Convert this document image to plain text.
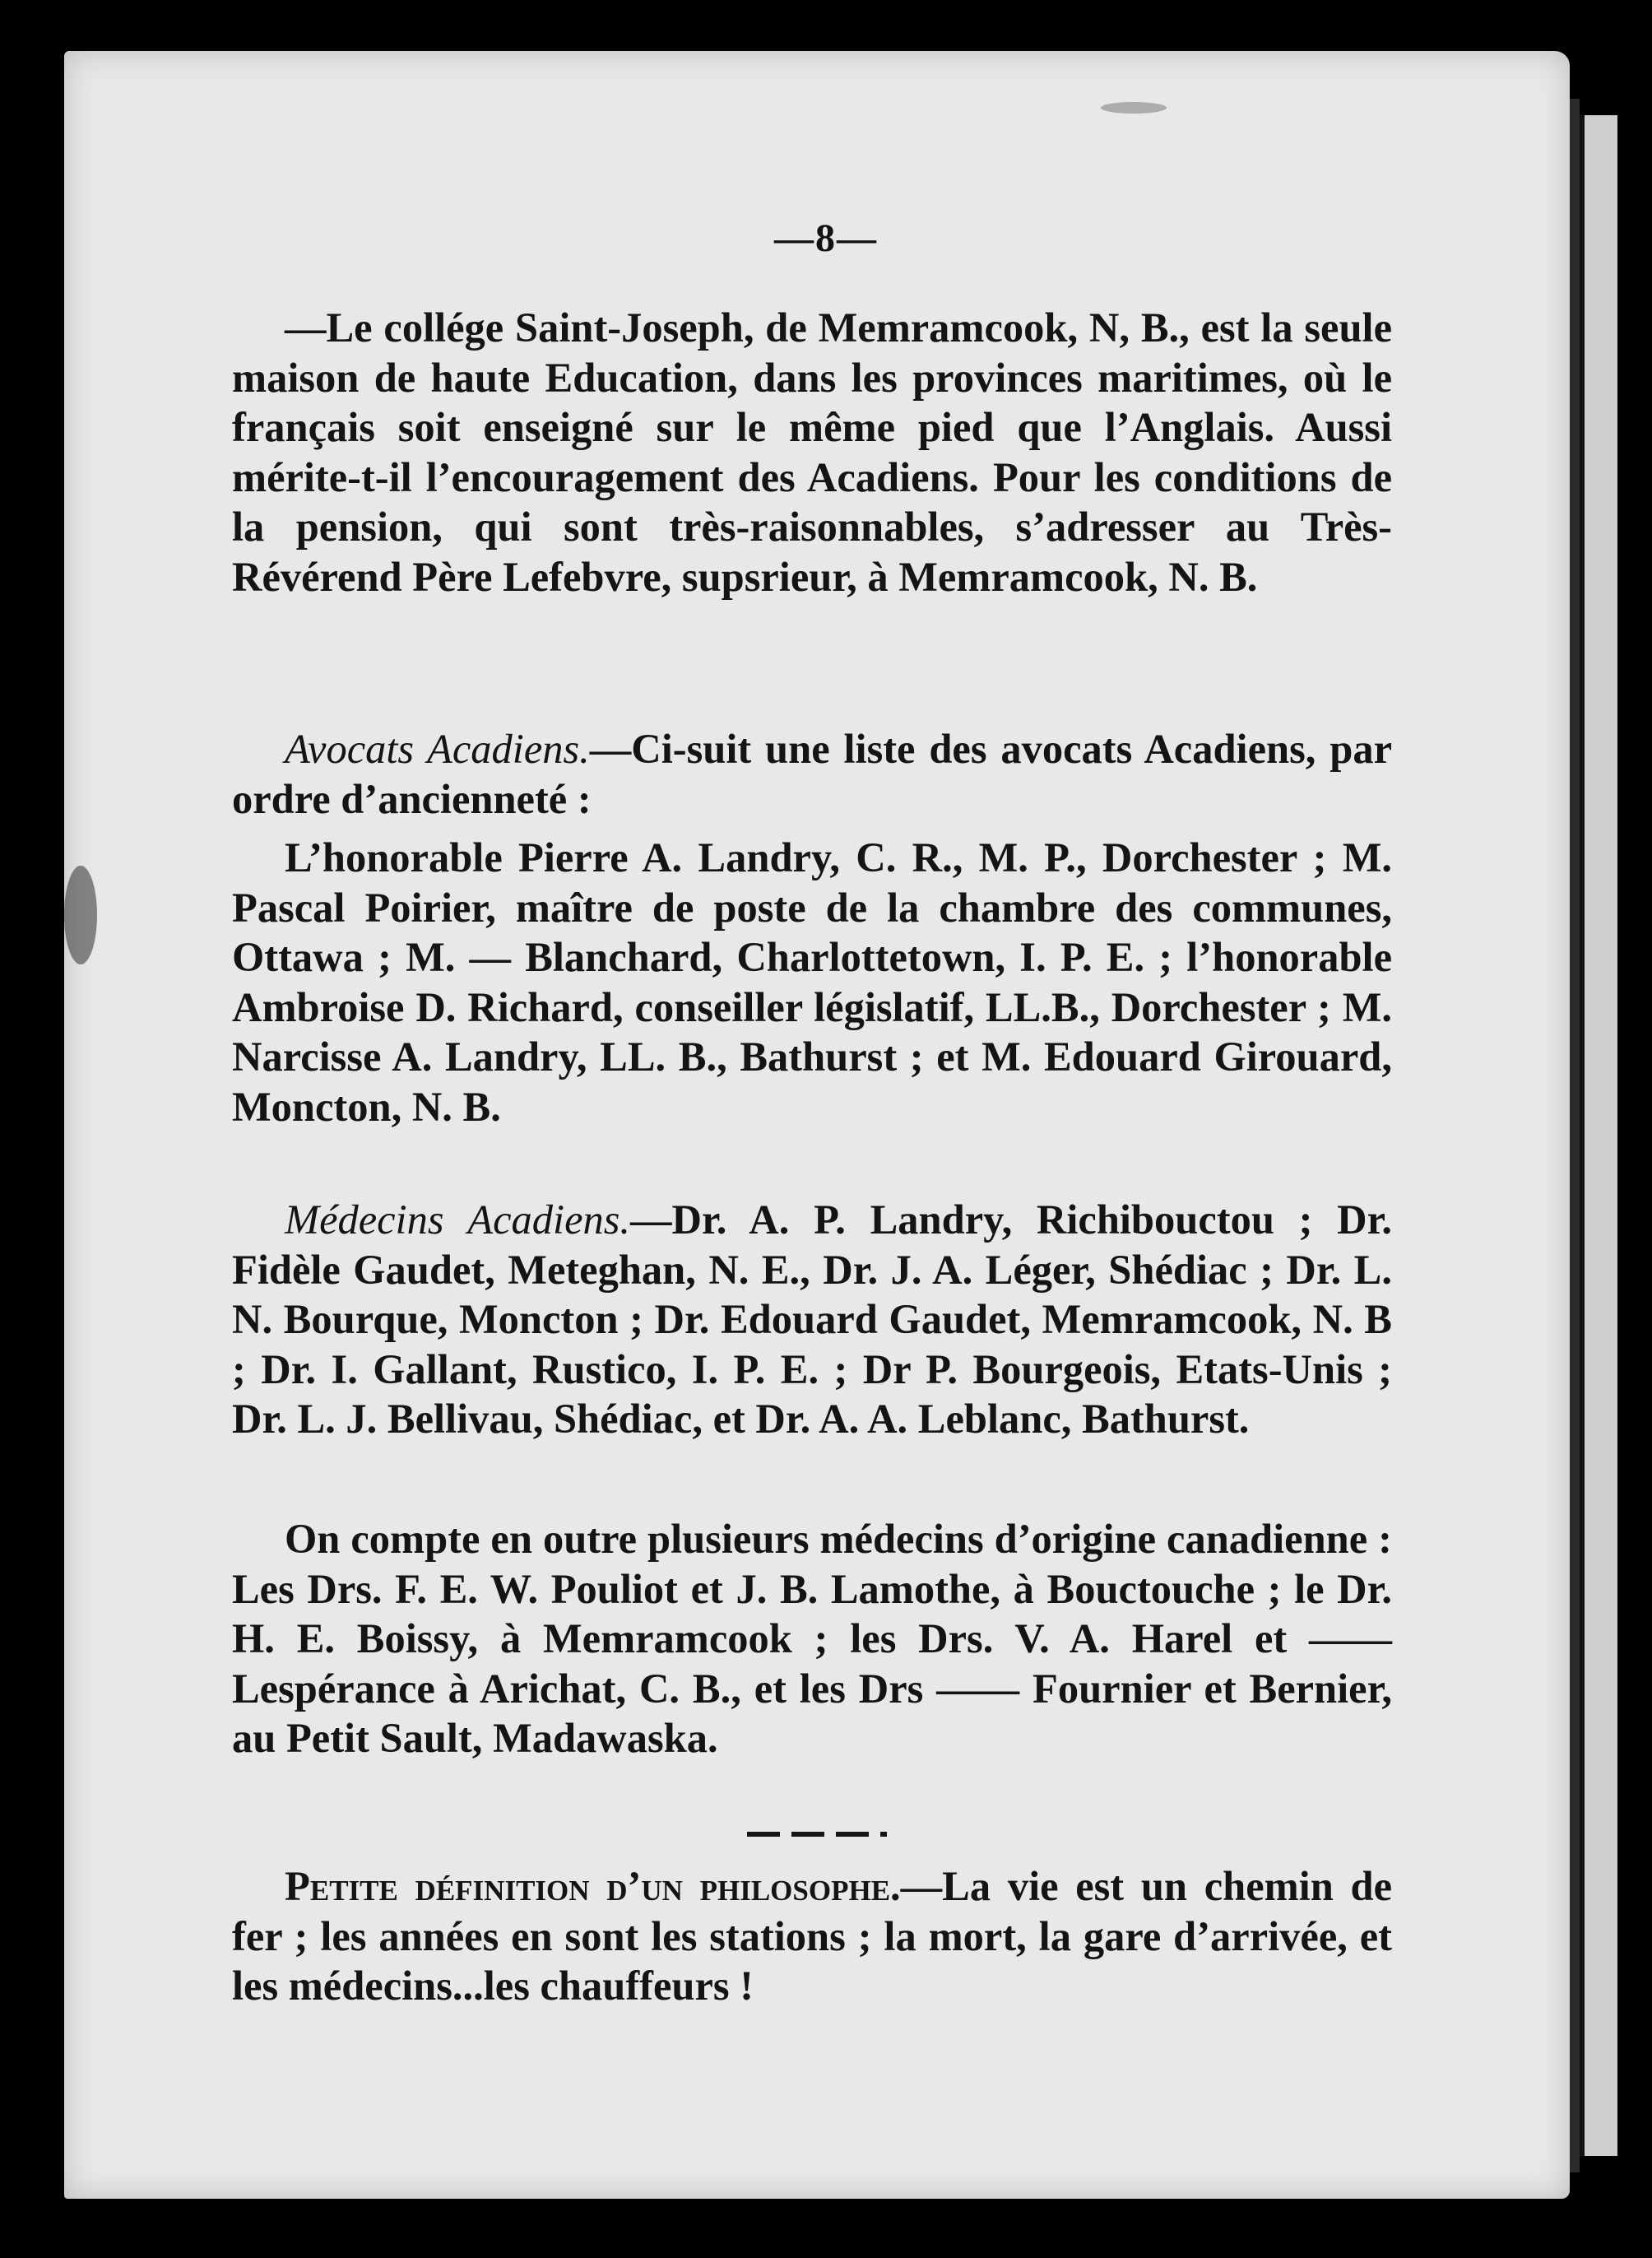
—8—

—Le collége Saint-Joseph, de Memramcook, N, B., est la seule maison de haute Education, dans les provinces maritimes, où le français soit enseigné sur le même pied que l’Anglais. Aussi mérite-t-il l’encouragement des Acadiens. Pour les conditions de la pension, qui sont très-raisonnables, s’adresser au Très-Révérend Père Lefebvre, supsrieur, à Memramcook, N. B.

Avocats Acadiens.—Ci-suit une liste des avocats Acadiens, par ordre d’ancienneté :

L’honorable Pierre A. Landry, C. R., M. P., Dorchester ; M. Pascal Poirier, maître de poste de la chambre des communes, Ottawa ; M. — Blanchard, Charlottetown, I. P. E. ; l’honorable Ambroise D. Richard, conseiller législatif, LL.B., Dorchester ; M. Narcisse A. Landry, LL. B., Bathurst ; et M. Edouard Girouard, Moncton, N. B.

Médecins Acadiens.—Dr. A. P. Landry, Richibouctou ; Dr. Fidèle Gaudet, Meteghan, N. E., Dr. J. A. Léger, Shédiac ; Dr. L. N. Bourque, Moncton ; Dr. Edouard Gaudet, Memramcook, N. B ; Dr. I. Gallant, Rustico, I. P. E. ; Dr P. Bourgeois, Etats-Unis ; Dr. L. J. Bellivau, Shédiac, et Dr. A. A. Leblanc, Bathurst.

On compte en outre plusieurs médecins d’origine canadienne : Les Drs. F. E. W. Pouliot et J. B. Lamothe, à Bouctouche ; le Dr. H. E. Boissy, à Memramcook ; les Drs. V. A. Harel et —— Lespérance à Arichat, C. B., et les Drs —— Fournier et Bernier, au Petit Sault, Madawaska.

Petite définition d’un philosophe.—La vie est un chemin de fer ; les années en sont les stations ; la mort, la gare d’arrivée, et les médecins...les chauffeurs !
